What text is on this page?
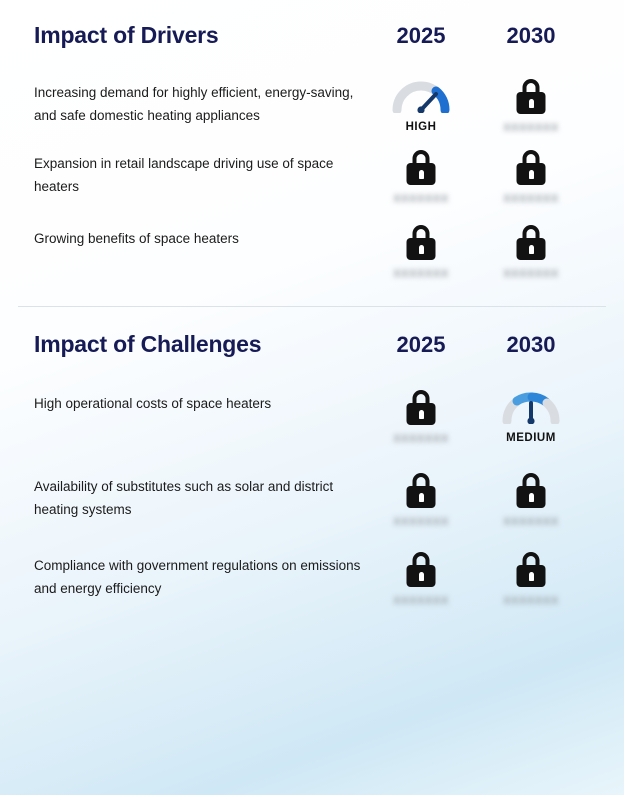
Impact of Drivers	2025	2030
Increasing demand for highly efficient, energy-saving, and safe domestic heating appliances
HIGH	XXXXXXX
Expansion in retail landscape driving use of space heaters
XXXXXXX	XXXXXXX
Growing benefits of space heaters
XXXXXXX	XXXXXXX
Impact of Challenges	2025	2030
High operational costs of space heaters
XXXXXXX	MEDIUM
Availability of substitutes such as solar and district heating systems
XXXXXXX	XXXXXXX
Compliance with government regulations on emissions and energy efficiency
XXXXXXX	XXXXXXX
